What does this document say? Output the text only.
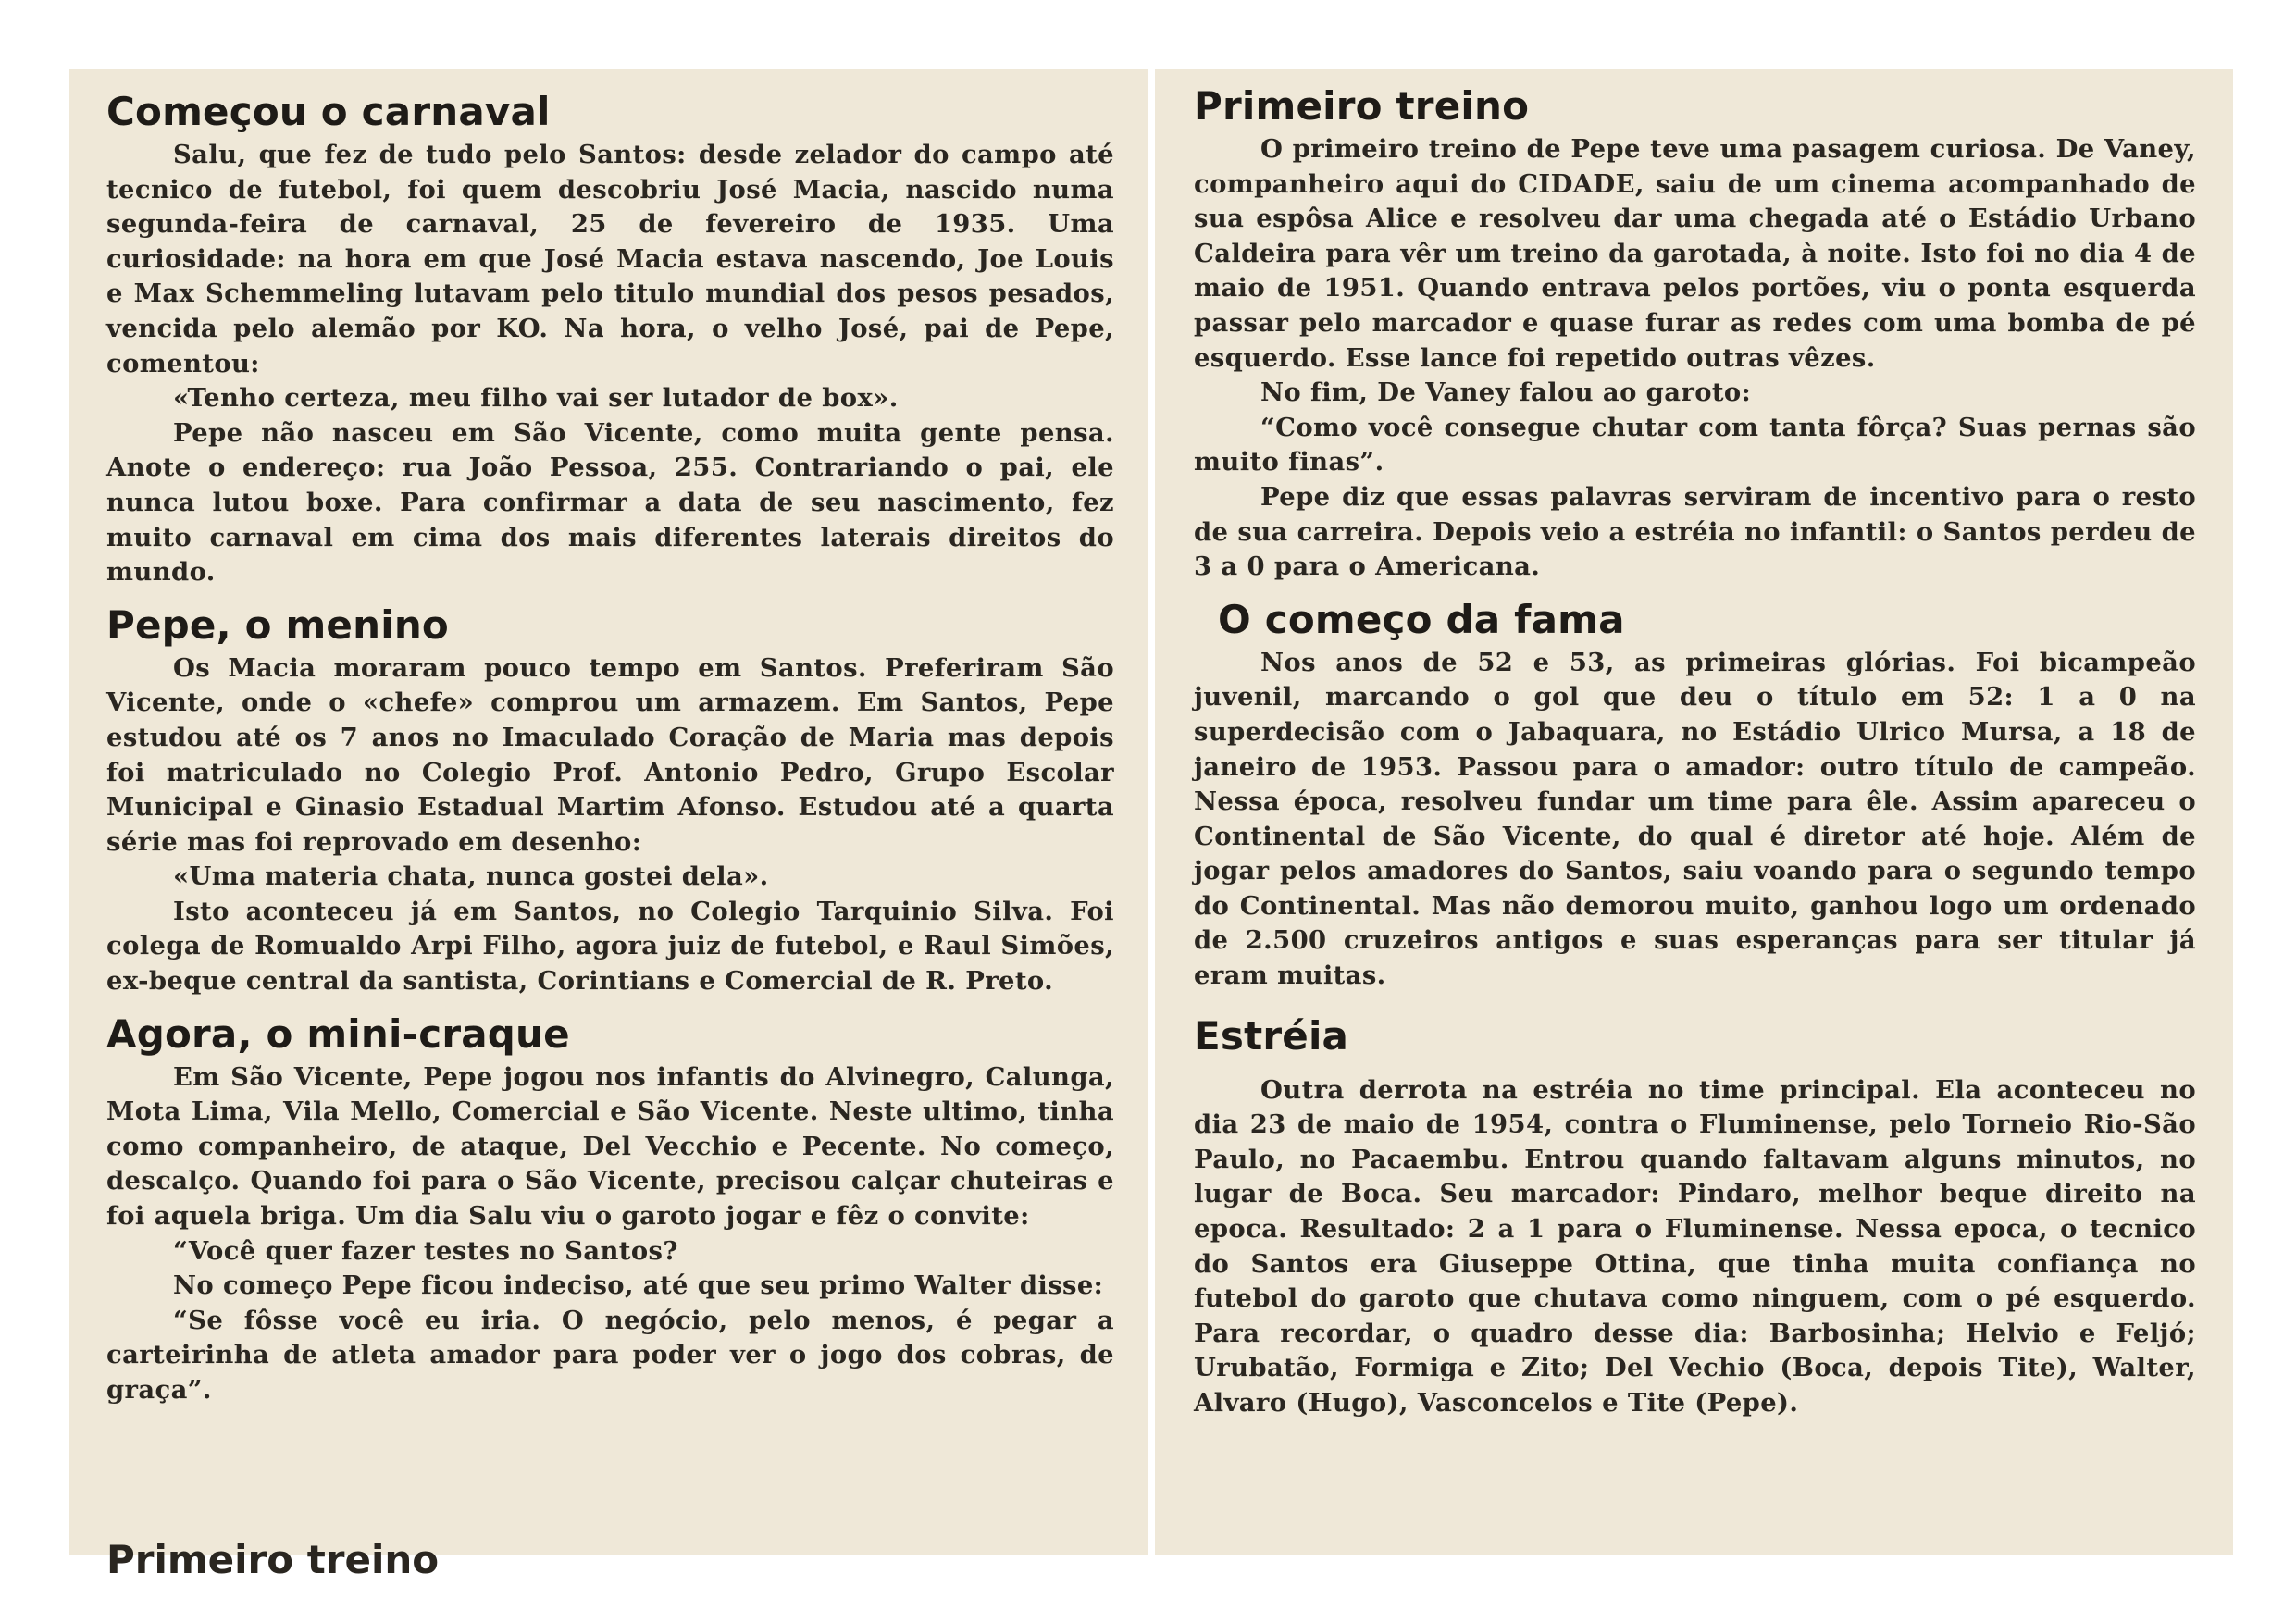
Começou o carnaval

Salu, que fez de tudo pelo Santos: desde zelador do campo até tecnico de futebol, foi quem descobriu José Macia, nascido numa segunda-feira de carnaval, 25 de fevereiro de 1935. Uma curiosidade: na hora em que José Macia estava nascendo, Joe Louis e Max Schemmeling lutavam pelo titulo mundial dos pesos pesados, vencida pelo alemão por KO. Na hora, o velho José, pai de Pepe, comentou:

«Tenho certeza, meu filho vai ser lutador de box».

Pepe não nasceu em São Vicente, como muita gente pensa. Anote o endereço: rua João Pessoa, 255. Contrariando o pai, ele nunca lutou boxe. Para confirmar a data de seu nascimento, fez muito carnaval em cima dos mais diferentes laterais direitos do mundo.

Pepe, o menino

Os Macia moraram pouco tempo em Santos. Preferiram São Vicente, onde o «chefe» comprou um armazem. Em Santos, Pepe estudou até os 7 anos no Imaculado Coração de Maria mas depois foi matriculado no Colegio Prof. Antonio Pedro, Grupo Escolar Municipal e Ginasio Estadual Martim Afonso. Estudou até a quarta série mas foi reprovado em desenho:

«Uma materia chata, nunca gostei dela».

Isto aconteceu já em Santos, no Colegio Tarquinio Silva. Foi colega de Romualdo Arpi Filho, agora juiz de futebol, e Raul Simões, ex-beque central da santista, Corintians e Comercial de R. Preto.

Agora, o mini-craque

Em São Vicente, Pepe jogou nos infantis do Alvinegro, Calunga, Mota Lima, Vila Mello, Comercial e São Vicente. Neste ultimo, tinha como companheiro, de ataque, Del Vecchio e Pecente. No começo, descalço. Quando foi para o São Vicente, precisou calçar chuteiras e foi aquela briga. Um dia Salu viu o garoto jogar e fêz o convite:

“Você quer fazer testes no Santos?

No começo Pepe ficou indeciso, até que seu primo Walter disse:

“Se fôsse você eu iria. O negócio, pelo menos, é pegar a carteirinha de atleta amador para poder ver o jogo dos cobras, de graça”.

Primeiro treino
Primeiro treino

O primeiro treino de Pepe teve uma pasagem curiosa. De Vaney, companheiro aqui do CIDADE, saiu de um cinema acompanhado de sua espôsa Alice e resolveu dar uma chegada até o Estádio Urbano Caldeira para vêr um treino da garotada, à noite. Isto foi no dia 4 de maio de 1951. Quando entrava pelos portões, viu o ponta esquerda passar pelo marcador e quase furar as redes com uma bomba de pé esquerdo. Esse lance foi repetido outras vêzes.

No fim, De Vaney falou ao garoto:

“Como você consegue chutar com tanta fôrça? Suas pernas são muito finas”.

Pepe diz que essas palavras serviram de incentivo para o resto de sua carreira. Depois veio a estréia no infantil: o Santos perdeu de 3 a 0 para o Americana.

O começo da fama

Nos anos de 52 e 53, as primeiras glórias. Foi bicampeão juvenil, marcando o gol que deu o título em 52: 1 a 0 na superdecisão com o Jabaquara, no Estádio Ulrico Mursa, a 18 de janeiro de 1953. Passou para o amador: outro título de campeão. Nessa época, resolveu fundar um time para êle. Assim apareceu o Continental de São Vicente, do qual é diretor até hoje. Além de jogar pelos amadores do Santos, saiu voando para o segundo tempo do Continental. Mas não demorou muito, ganhou logo um ordenado de 2.500 cruzeiros antigos e suas esperanças para ser titular já eram muitas.

Estréia

Outra derrota na estréia no time principal. Ela aconteceu no dia 23 de maio de 1954, contra o Fluminense, pelo Torneio Rio-São Paulo, no Pacaembu. Entrou quando faltavam alguns minutos, no lugar de Boca. Seu marcador: Pindaro, melhor beque direito na epoca. Resultado: 2 a 1 para o Fluminense. Nessa epoca, o tecnico do Santos era Giuseppe Ottina, que tinha muita confiança no futebol do garoto que chutava como ninguem, com o pé esquerdo. Para recordar, o quadro desse dia: Barbosinha; Helvio e Feljó; Urubatão, Formiga e Zito; Del Vechio (Boca, depois Tite), Walter, Alvaro (Hugo), Vasconcelos e Tite (Pepe).
